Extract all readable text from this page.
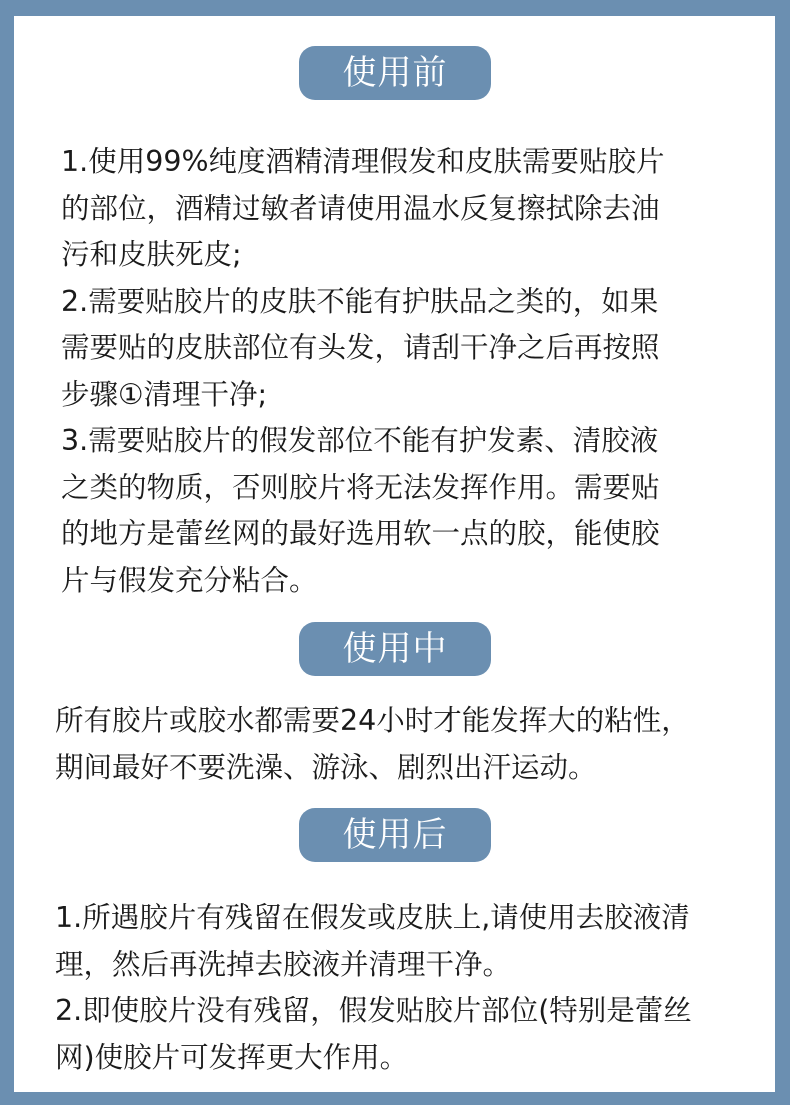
使用前

1.使用99%纯度酒精清理假发和皮肤需要贴胶片

的部位，酒精过敏者请使用温水反复擦拭除去油

污和皮肤死皮;

2.需要贴胶片的皮肤不能有护肤品之类的，如果

需要贴的皮肤部位有头发，请刮干净之后再按照

步骤①清理干净;

3.需要贴胶片的假发部位不能有护发素、清胶液

之类的物质，否则胶片将无法发挥作用。需要贴

的地方是蕾丝网的最好选用软一点的胶，能使胶

片与假发充分粘合。

使用中

所有胶片或胶水都需要24小时才能发挥大的粘性，

期间最好不要洗澡、游泳、剧烈出汗运动。

使用后

1.所遇胶片有残留在假发或皮肤上,请使用去胶液清

理，然后再洗掉去胶液并清理干净。

2.即使胶片没有残留，假发贴胶片部位(特别是蕾丝

网)使胶片可发挥更大作用。
